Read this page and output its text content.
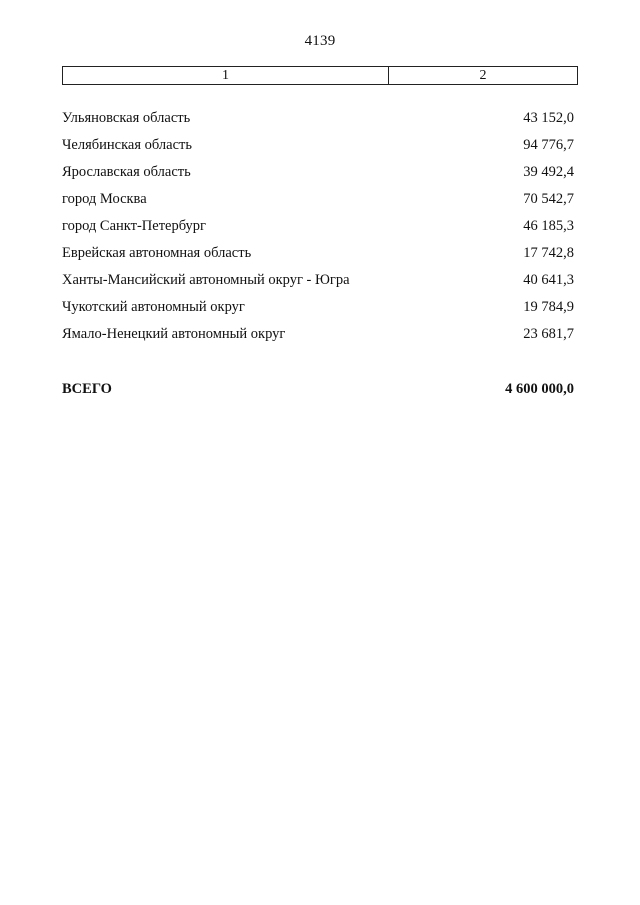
4139
1	2
Ульяновская область	43 152,0
Челябинская область	94 776,7
Ярославская область	39 492,4
город Москва	70 542,7
город Санкт-Петербург	46 185,3
Еврейская автономная область	17 742,8
Ханты-Мансийский автономный округ - Югра	40 641,3
Чукотский автономный округ	19 784,9
Ямало-Ненецкий автономный округ	23 681,7
ВСЕГО	4 600 000,0
